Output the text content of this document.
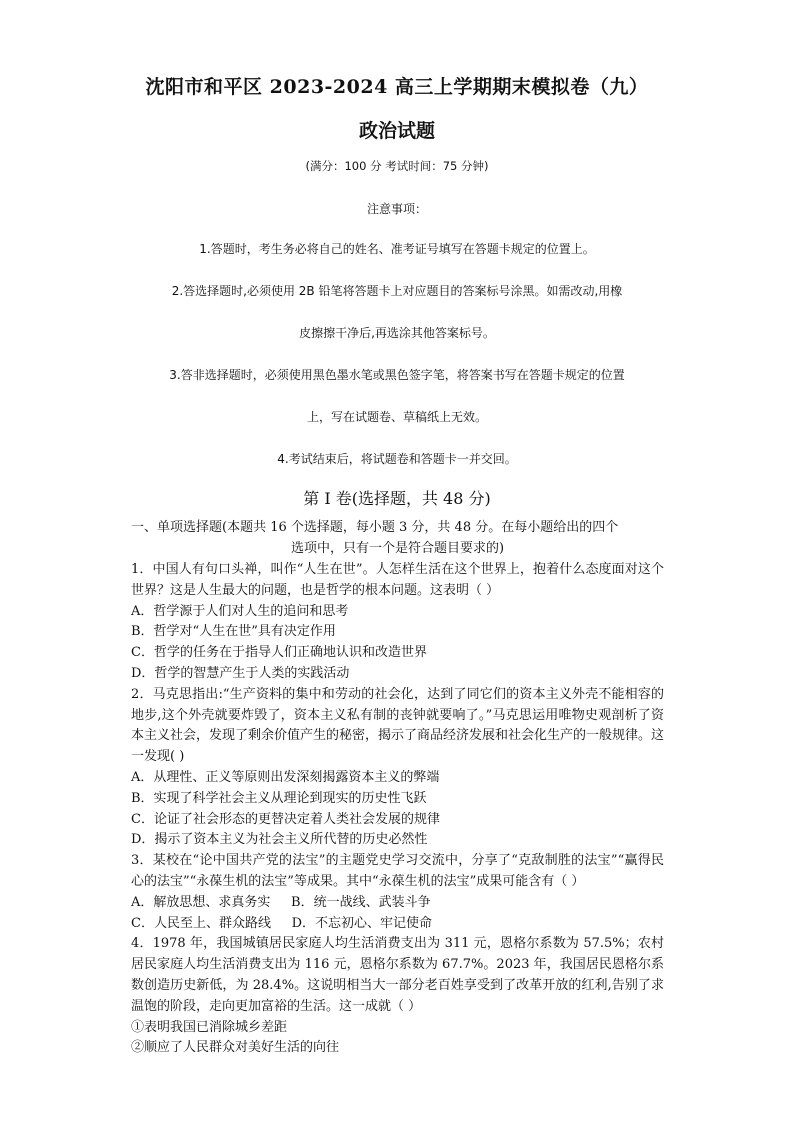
沈阳市和平区 2023-2024 高三上学期期末模拟卷（九）
政治试题
(满分：100 分 考试时间：75 分钟)
注意事项：
1.答题时，考生务必将自己的姓名、准考证号填写在答题卡规定的位置上。
2.答选择题时,必须使用 2B 铅笔将答题卡上对应题目的答案标号涂黑。如需改动,用橡
皮擦擦干净后,再选涂其他答案标号。
3.答非选择题时，必须使用黑色墨水笔或黑色签字笔，将答案书写在答题卡规定的位置
上，写在试题卷、草稿纸上无效。
4.考试结束后，将试题卷和答题卡一并交回。
第 Ⅰ 卷(选择题，共 48 分)
一、单项选择题(本题共 16 个选择题，每小题 3 分，共 48 分。在每小题给出的四个
选项中，只有一个是符合题目要求的)

1．中国人有句口头禅，叫作“人生在世”。人怎样生活在这个世界上，抱着什么态度面对这个世界？这是人生最大的问题，也是哲学的根本问题。这表明（ ）

A．哲学源于人们对人生的追问和思考

B．哲学对“人生在世”具有决定作用

C．哲学的任务在于指导人们正确地认识和改造世界

D．哲学的智慧产生于人类的实践活动

2．马克思指出:“生产资料的集中和劳动的社会化，达到了同它们的资本主义外壳不能相容的地步,这个外壳就要炸毁了，资本主义私有制的丧钟就要响了。”马克思运用唯物史观剖析了资本主义社会，发现了剩余价值产生的秘密，揭示了商品经济发展和社会化生产的一般规律。这一发现( )

A．从理性、正义等原则出发深刻揭露资本主义的弊端

B．实现了科学社会主义从理论到现实的历史性飞跃

C．论证了社会形态的更替决定着人类社会发展的规律

D．揭示了资本主义为社会主义所代替的历史必然性

3．某校在“论中国共产党的法宝”的主题党史学习交流中，分享了“克敌制胜的法宝”“赢得民心的法宝”“永葆生机的法宝”等成果。其中“永葆生机的法宝”成果可能含有（ ）

A．解放思想、求真务实     B．统一战线、武装斗争

C．人民至上、群众路线     D．不忘初心、牢记使命

4．1978 年，我国城镇居民家庭人均生活消费支出为 311 元，恩格尔系数为 57.5%；农村居民家庭人均生活消费支出为 116 元，恩格尔系数为 67.7%。2023 年，我国居民恩格尔系数创造历史新低，为 28.4%。这说明相当大一部分老百姓享受到了改革开放的红利,告别了求温饱的阶段，走向更加富裕的生活。这一成就（ ）

①表明我国已消除城乡差距

②顺应了人民群众对美好生活的向往
